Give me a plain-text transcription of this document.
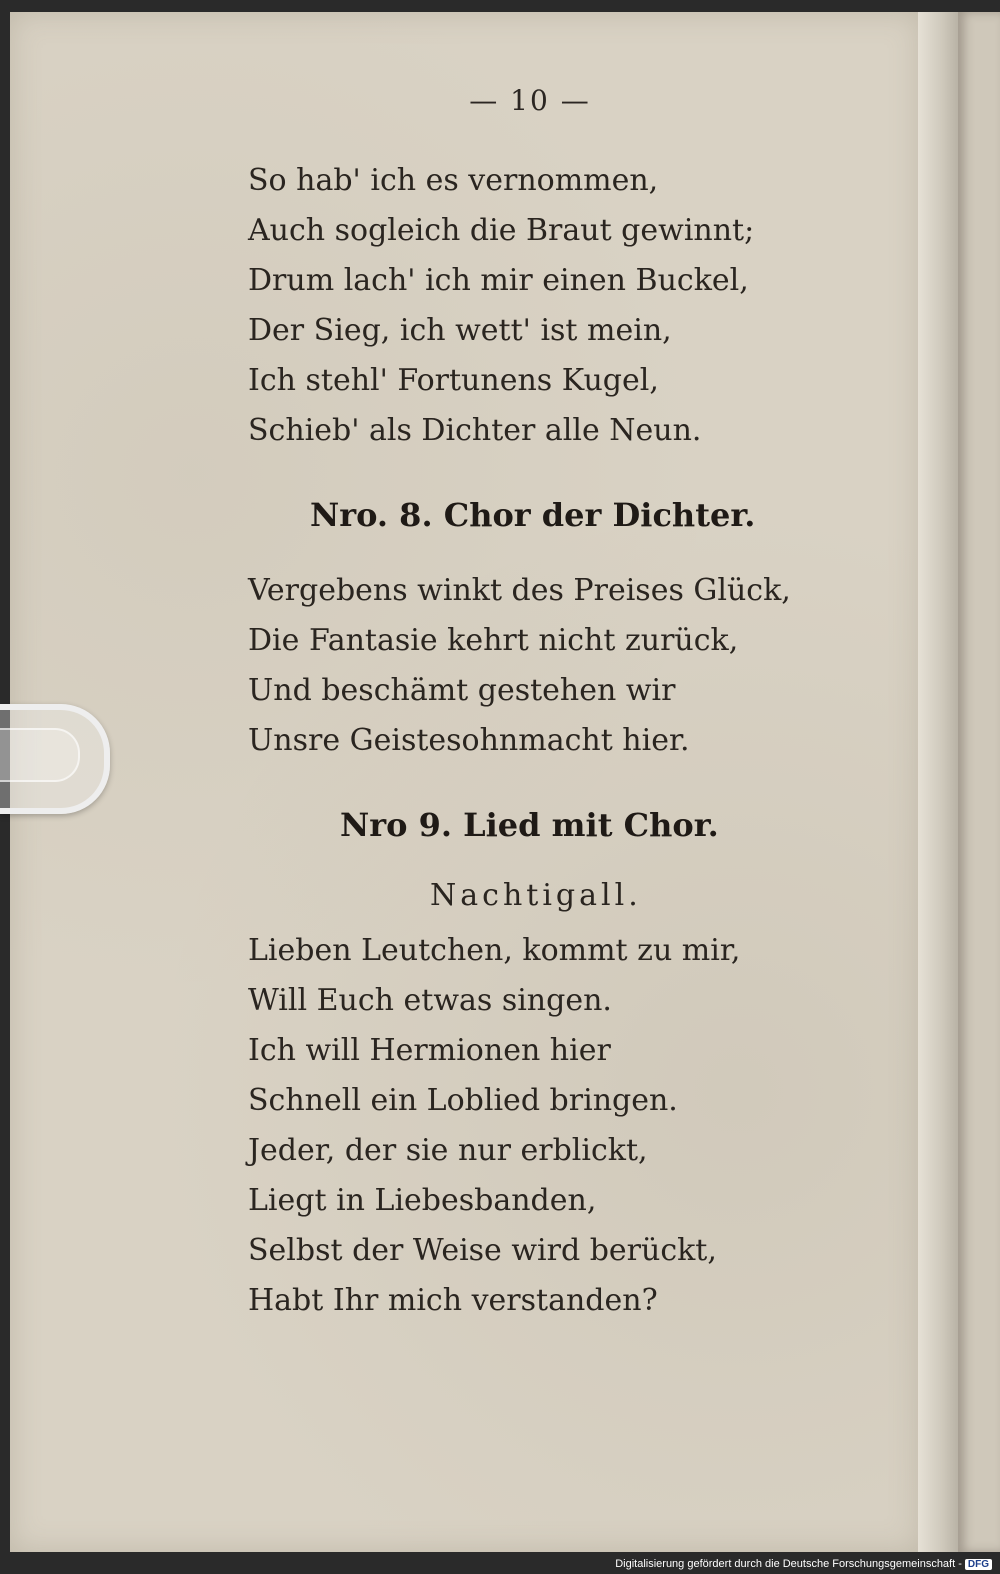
— 10 —
So hab' ich es vernommen,
Auch sogleich die Braut gewinnt;
Drum lach' ich mir einen Buckel,
Der Sieg, ich wett' ist mein,
Ich stehl' Fortunens Kugel,
Schieb' als Dichter alle Neun.
Nro. 8. Chor der Dichter.
Vergebens winkt des Preises Glück,
Die Fantasie kehrt nicht zurück,
Und beschämt gestehen wir
Unsre Geistesohnmacht hier.
Nro 9. Lied mit Chor.
Nachtigall.
Lieben Leutchen, kommt zu mir,
Will Euch etwas singen.
Ich will Hermionen hier
Schnell ein Loblied bringen.
Jeder, der sie nur erblickt,
Liegt in Liebesbanden,
Selbst der Weise wird berückt,
Habt Ihr mich verstanden?
Digitalisierung gefördert durch die Deutsche Forschungsgemeinschaft - DFG
